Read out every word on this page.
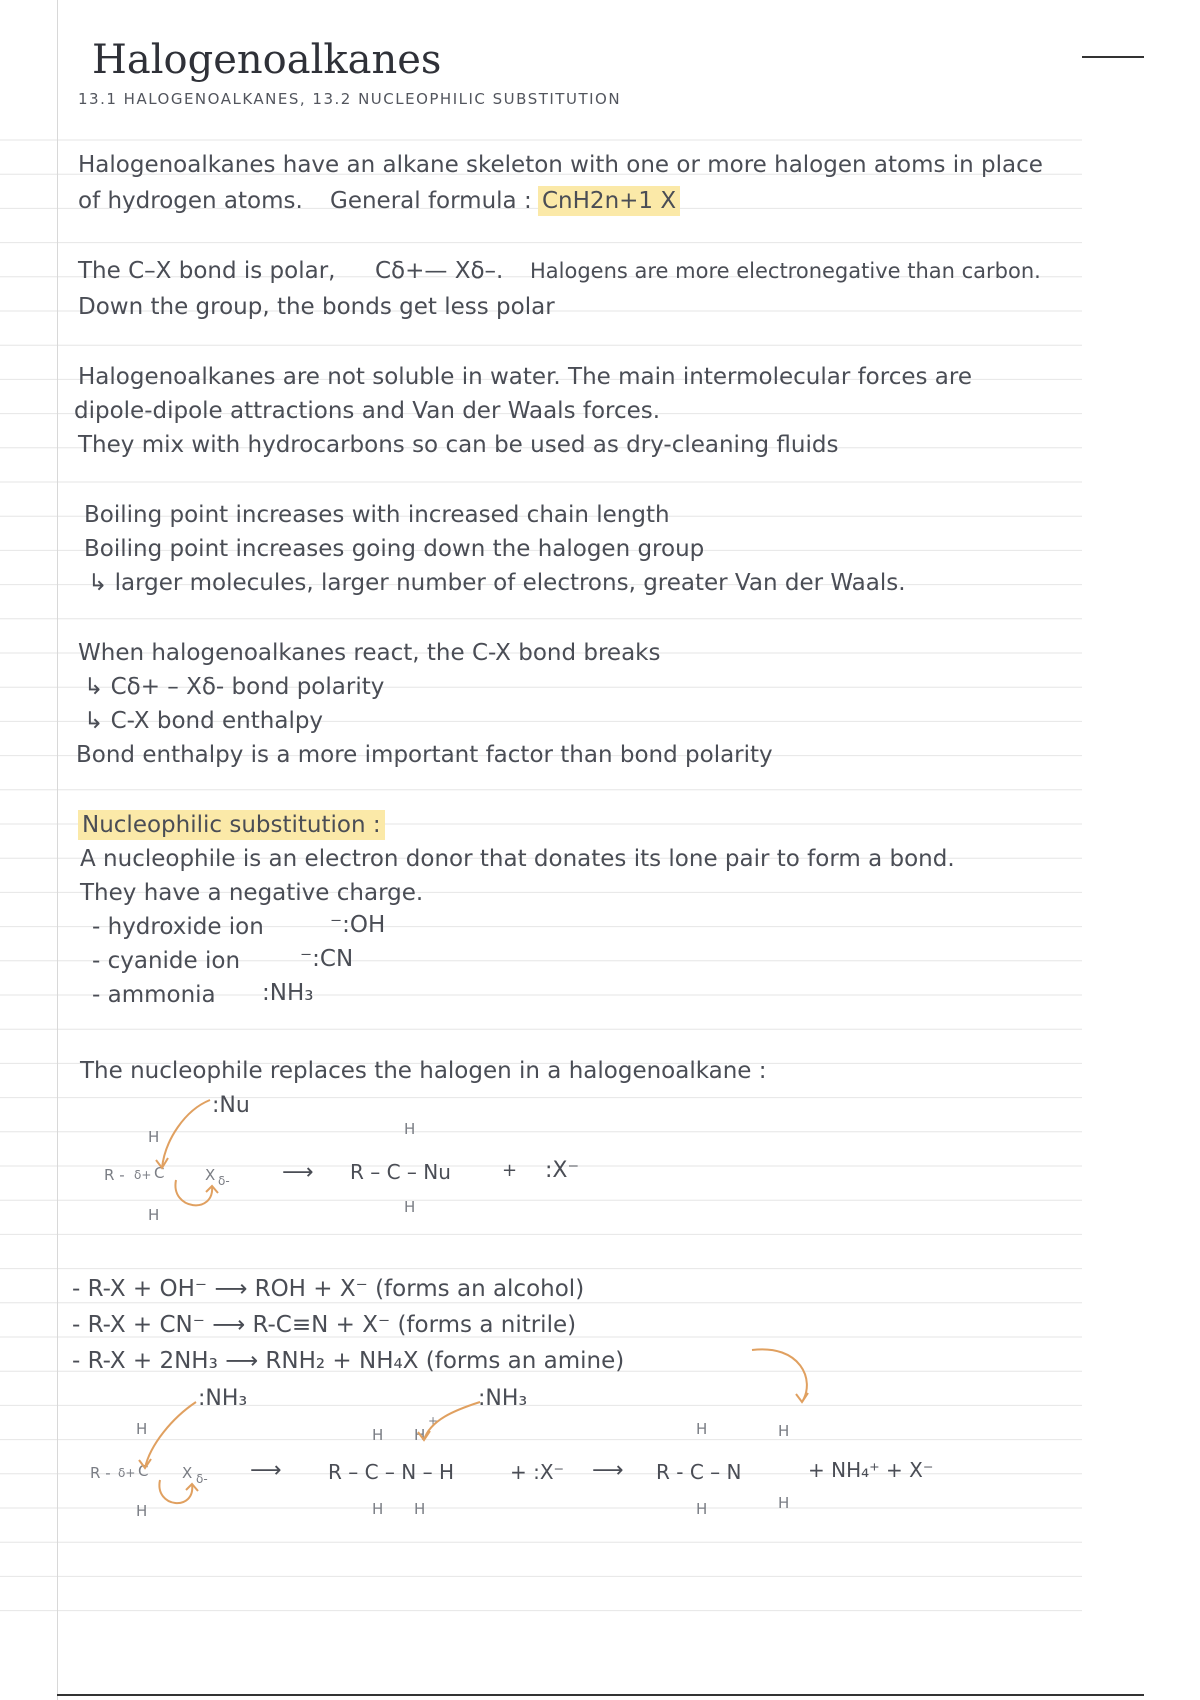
Halogenoalkanes
13.1 HALOGENOALKANES, 13.2 NUCLEOPHILIC SUBSTITUTION
Halogenoalkanes have an alkane skeleton with one or more halogen atoms in place
of hydrogen atoms. General formula : CnH2n+1 X
The C–X bond is polar, Cδ+— Xδ–. Halogens are more electronegative than carbon.
Down the group, the bonds get less polar
Halogenoalkanes are not soluble in water. The main intermolecular forces are
dipole-dipole attractions and Van der Waals forces.
They mix with hydrocarbons so can be used as dry-cleaning fluids
Boiling point increases with increased chain length
Boiling point increases going down the halogen group
↳ larger molecules, larger number of electrons, greater Van der Waals.
When halogenoalkanes react, the C-X bond breaks
↳ Cδ+ – Xδ- bond polarity
↳ C-X bond enthalpy
Bond enthalpy is a more important factor than bond polarity
Nucleophilic substitution :
A nucleophile is an electron donor that donates its lone pair to form a bond.
They have a negative charge.
- hydroxide ion	⁻:OH
- cyanide ion	⁻:CN
- ammonia :NH₃
The nucleophile replaces the halogen in a halogenoalkane :
:Nu
H
R - δ+ C	X δ-
H
⟶
H
R – C – Nu
H
+ :X⁻
- R-X + OH⁻ ⟶ ROH + X⁻ (forms an alcohol)
- R-X + CN⁻ ⟶ R-C≡N + X⁻ (forms a nitrile)
- R-X + 2NH₃ ⟶ RNH₂ + NH₄X (forms an amine)
:NH₃	:NH₃
H
R - δ+ C X δ-
H
⟶
H H
+
R – C – N – H
H H
+ :X⁻ ⟶
H	H
R - C – N
H	H
+ NH₄⁺ + X⁻
